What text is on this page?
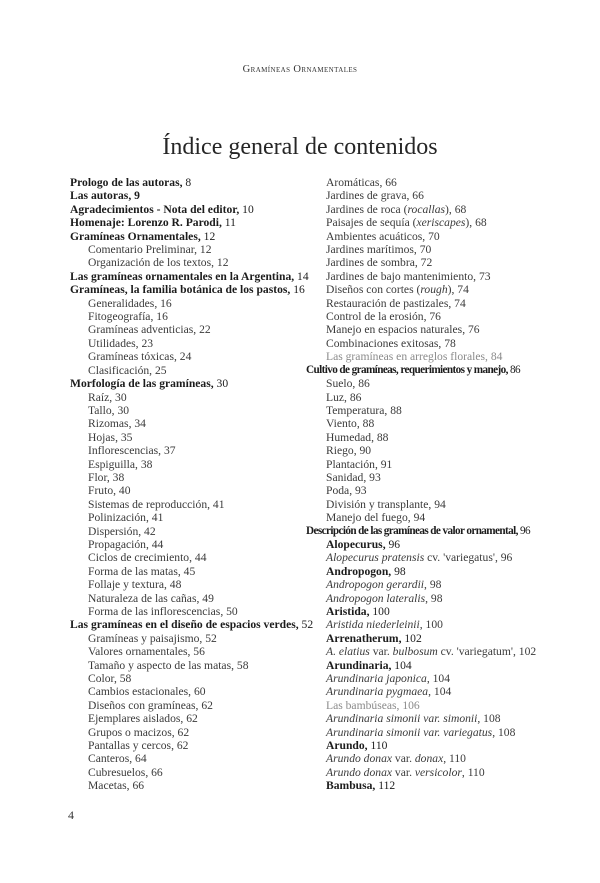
Gramíneas Ornamentales
Índice general de contenidos
Prologo de las autoras, 8
Las autoras, 9
Agradecimientos - Nota del editor, 10
Homenaje: Lorenzo R. Parodi, 11
Gramíneas Ornamentales, 12
Comentario Preliminar, 12
Organización de los textos, 12
Las gramíneas ornamentales en la Argentina, 14
Gramíneas, la familia botánica de los pastos, 16
Generalidades, 16
Fitogeografía, 16
Gramíneas adventicias, 22
Utilidades, 23
Gramíneas tóxicas, 24
Clasificación, 25
Morfología de las gramíneas, 30
Raíz, 30
Tallo, 30
Rizomas, 34
Hojas, 35
Inflorescencias, 37
Espiguilla, 38
Flor, 38
Fruto, 40
Sistemas de reproducción, 41
Polinización, 41
Dispersión, 42
Propagación, 44
Ciclos de crecimiento, 44
Forma de las matas, 45
Follaje y textura, 48
Naturaleza de las cañas, 49
Forma de las inflorescencias, 50
Las gramíneas en el diseño de espacios verdes, 52
Gramíneas y paisajismo, 52
Valores ornamentales, 56
Tamaño y aspecto de las matas, 58
Color, 58
Cambios estacionales, 60
Diseños con gramíneas, 62
Ejemplares aislados, 62
Grupos o macizos, 62
Pantallas y cercos, 62
Canteros, 64
Cubresuelos, 66
Macetas, 66
Aromáticas, 66
Jardines de grava, 66
Jardines de roca (rocallas), 68
Paisajes de sequía (xeriscapes), 68
Ambientes acuáticos, 70
Jardines marítimos, 70
Jardines de sombra, 72
Jardines de bajo mantenimiento, 73
Diseños con cortes (rough), 74
Restauración de pastizales, 74
Control de la erosión, 76
Manejo en espacios naturales, 76
Combinaciones exitosas, 78
Las gramíneas en arreglos florales, 84
Cultivo de gramíneas, requerimientos y manejo, 86
Suelo, 86
Luz, 86
Temperatura, 88
Viento, 88
Humedad, 88
Riego, 90
Plantación, 91
Sanidad, 93
Poda, 93
División y transplante, 94
Manejo del fuego, 94
Descripción de las gramíneas de valor ornamental, 96
Alopecurus, 96
Alopecurus pratensis cv. 'variegatus', 96
Andropogon, 98
Andropogon gerardii, 98
Andropogon lateralis, 98
Aristida, 100
Aristida niederleinii, 100
Arrenatherum, 102
A. elatius var. bulbosum cv. 'variegatum', 102
Arundinaria, 104
Arundinaria japonica, 104
Arundinaria pygmaea, 104
Las bambúseas, 106
Arundinaria simonii var. simonii, 108
Arundinaria simonii var. variegatus, 108
Arundo, 110
Arundo donax var. donax, 110
Arundo donax var. versicolor, 110
Bambusa, 112
4
